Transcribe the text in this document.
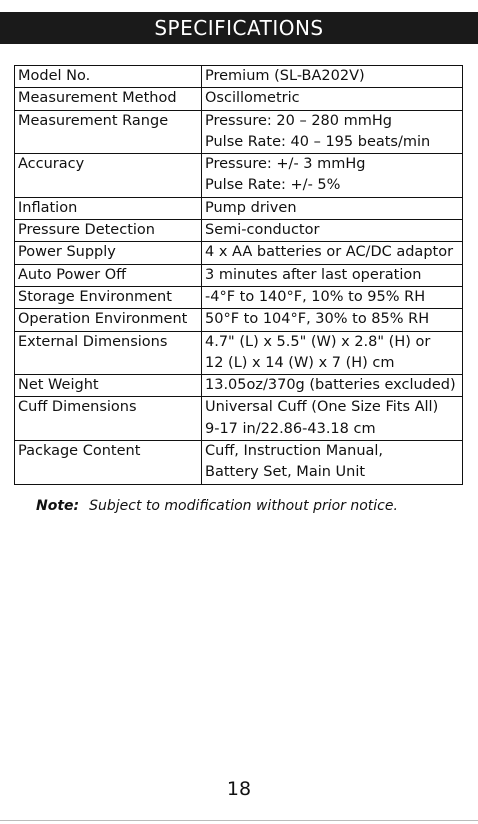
SPECIFICATIONS
Model No.	Premium (SL-BA202V)

Measurement Method	Oscillometric

Measurement Range	Pressure: 20 – 280 mmHg
Pulse Rate: 40 – 195 beats/min

Accuracy	Pressure: +/- 3 mmHg
Pulse Rate: +/- 5%

Inflation	Pump driven

Pressure Detection	Semi-conductor

Power Supply	4 x AA batteries or AC/DC adaptor

Auto Power Off	3 minutes after last operation

Storage Environment	-4°F to 140°F, 10% to 95% RH

Operation Environment	50°F to 104°F, 30% to 85% RH

External Dimensions	4.7" (L) x 5.5" (W) x 2.8" (H) or
12 (L) x 14 (W) x 7 (H) cm

Net Weight	13.05oz/370g (batteries excluded)

Cuff Dimensions	Universal Cuff (One Size Fits All)
9-17 in/22.86-43.18 cm

Package Content	Cuff, Instruction Manual,
Battery Set, Main Unit
Note: Subject to modification without prior notice.
18
